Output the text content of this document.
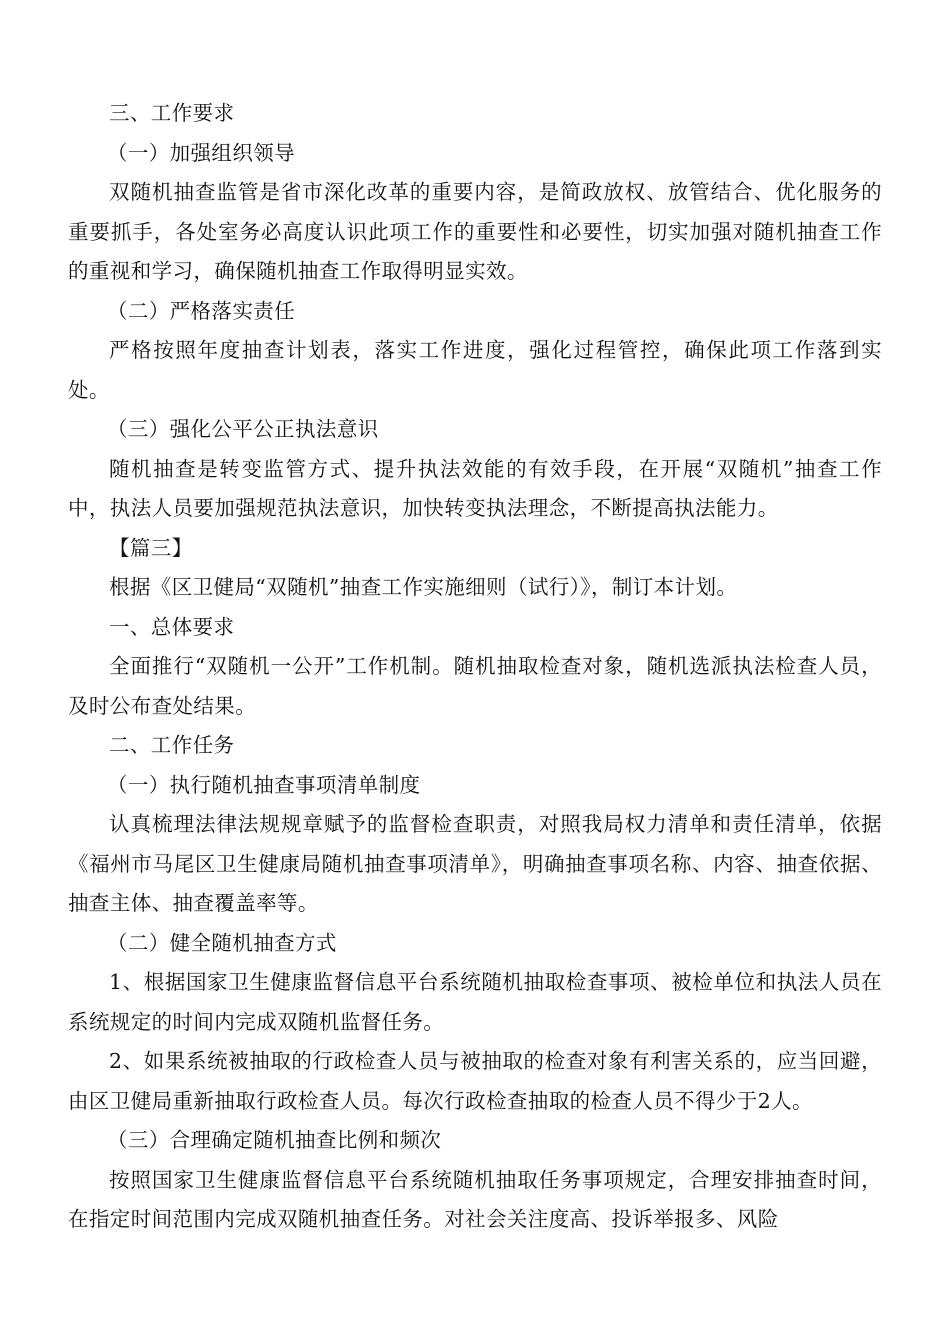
三、工作要求

（一）加强组织领导

双随机抽查监管是省市深化改革的重要内容，是简政放权、放管结合、优化服务的重要抓手，各处室务必高度认识此项工作的重要性和必要性，切实加强对随机抽查工作的重视和学习，确保随机抽查工作取得明显实效。

（二）严格落实责任

严格按照年度抽查计划表，落实工作进度，强化过程管控，确保此项工作落到实处。

（三）强化公平公正执法意识

随机抽查是转变监管方式、提升执法效能的有效手段，在开展“双随机”抽查工作中，执法人员要加强规范执法意识，加快转变执法理念，不断提高执法能力。

【篇三】

根据《区卫健局“双随机”抽查工作实施细则（试行）》，制订本计划。

一、总体要求

全面推行“双随机一公开”工作机制。随机抽取检查对象，随机选派执法检查人员，及时公布查处结果。

二、工作任务

（一）执行随机抽查事项清单制度

认真梳理法律法规规章赋予的监督检查职责，对照我局权力清单和责任清单，依据《福州市马尾区卫生健康局随机抽查事项清单》，明确抽查事项名称、内容、抽查依据、抽查主体、抽查覆盖率等。

（二）健全随机抽查方式

1、根据国家卫生健康监督信息平台系统随机抽取检查事项、被检单位和执法人员在系统规定的时间内完成双随机监督任务。

2、如果系统被抽取的行政检查人员与被抽取的检查对象有利害关系的，应当回避，由区卫健局重新抽取行政检查人员。每次行政检查抽取的检查人员不得少于2人。

（三）合理确定随机抽查比例和频次

按照国家卫生健康监督信息平台系统随机抽取任务事项规定，合理安排抽查时间，在指定时间范围内完成双随机抽查任务。对社会关注度高、投诉举报多、风险
